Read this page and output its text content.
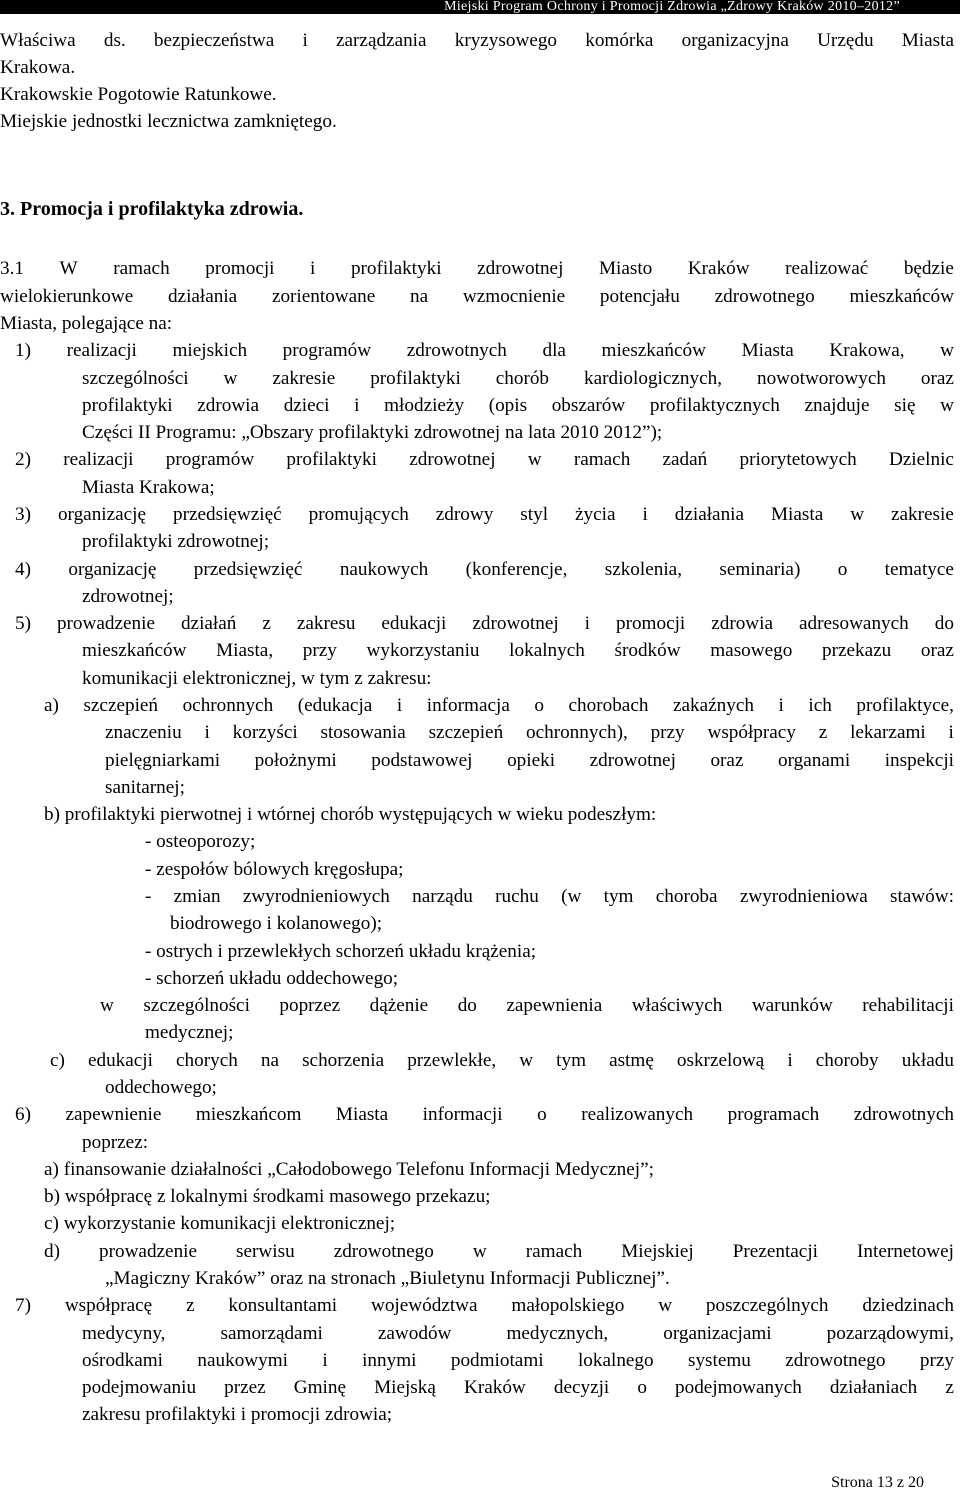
Miejski Program Ochrony i Promocji Zdrowia „Zdrowy Kraków 2010–2012”
Właściwa ds. bezpieczeństwa i zarządzania kryzysowego komórka organizacyjna Urzędu Miasta
Krakowa.
Krakowskie Pogotowie Ratunkowe.
Miejskie jednostki lecznictwa zamkniętego.
3. Promocja i profilaktyka zdrowia.
3.1 W ramach promocji i profilaktyki zdrowotnej Miasto Kraków realizować będzie
wielokierunkowe działania zorientowane na wzmocnienie potencjału zdrowotnego mieszkańców
Miasta, polegające na:
1) realizacji miejskich programów zdrowotnych dla mieszkańców Miasta Krakowa, w
szczególności w zakresie profilaktyki chorób kardiologicznych, nowotworowych oraz
profilaktyki zdrowia dzieci i młodzieży (opis obszarów profilaktycznych znajduje się w
Części II Programu: „Obszary profilaktyki zdrowotnej na lata 2010 2012”);
2) realizacji programów profilaktyki zdrowotnej w ramach zadań priorytetowych Dzielnic
Miasta Krakowa;
3) organizację przedsięwzięć promujących zdrowy styl życia i działania Miasta w zakresie
profilaktyki zdrowotnej;
4) organizację przedsięwzięć naukowych (konferencje, szkolenia, seminaria) o tematyce
zdrowotnej;
5) prowadzenie działań z zakresu edukacji zdrowotnej i promocji zdrowia adresowanych do
mieszkańców Miasta, przy wykorzystaniu lokalnych środków masowego przekazu oraz
komunikacji elektronicznej, w tym z zakresu:
a) szczepień ochronnych (edukacja i informacja o chorobach zakaźnych i ich profilaktyce,
znaczeniu i korzyści stosowania szczepień ochronnych), przy współpracy z lekarzami i
pielęgniarkami położnymi podstawowej opieki zdrowotnej oraz organami inspekcji
sanitarnej;
b) profilaktyki pierwotnej i wtórnej chorób występujących w wieku podeszłym:
- osteoporozy;
- zespołów bólowych kręgosłupa;
- zmian zwyrodnieniowych narządu ruchu (w tym choroba zwyrodnieniowa stawów:
biodrowego i kolanowego);
- ostrych i przewlekłych schorzeń układu krążenia;
- schorzeń układu oddechowego;
w szczególności poprzez dążenie do zapewnienia właściwych warunków rehabilitacji
medycznej;
c) edukacji chorych na schorzenia przewlekłe, w tym astmę oskrzelową i choroby układu
oddechowego;
6) zapewnienie mieszkańcom Miasta informacji o realizowanych programach zdrowotnych
poprzez:
a) finansowanie działalności „Całodobowego Telefonu Informacji Medycznej”;
b) współpracę z lokalnymi środkami masowego przekazu;
c) wykorzystanie komunikacji elektronicznej;
d) prowadzenie serwisu zdrowotnego w ramach Miejskiej Prezentacji Internetowej
„Magiczny Kraków” oraz na stronach „Biuletynu Informacji Publicznej”.
7) współpracę z konsultantami województwa małopolskiego w poszczególnych dziedzinach
medycyny,	samorządami	zawodów	medycznych,	organizacjami	pozarządowymi,
ośrodkami naukowymi i innymi podmiotami lokalnego systemu zdrowotnego przy
podejmowaniu przez Gminę Miejską Kraków decyzji o podejmowanych działaniach z
zakresu profilaktyki i promocji zdrowia;
Strona 13 z 20
